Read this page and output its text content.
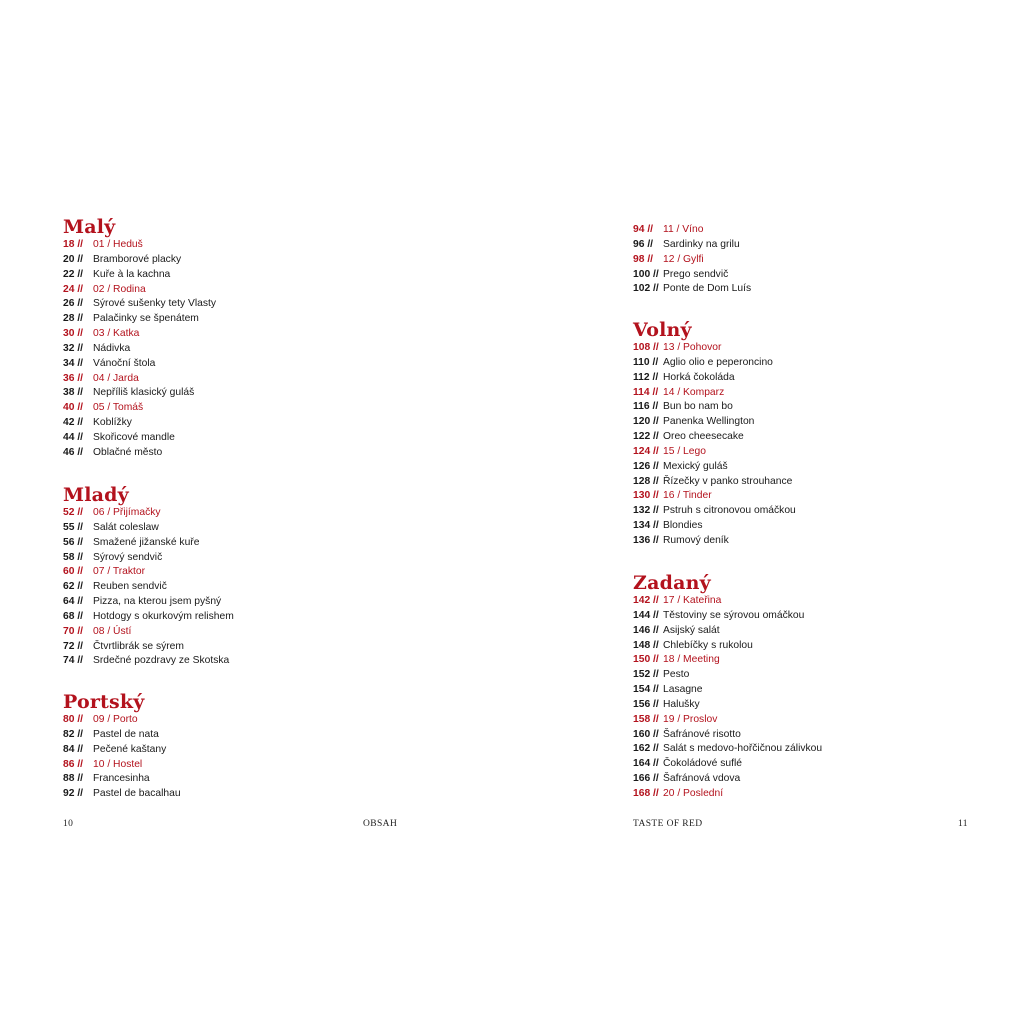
Malý
18 // 01 / Heduš
20 // Bramborové placky
22 // Kuře à la kachna
24 // 02 / Rodina
26 // Sýrové sušenky tety Vlasty
28 // Palačinky se špenátem
30 // 03 / Katka
32 // Nádivka
34 // Vánoční štola
36 // 04 / Jarda
38 // Nepříliš klasický guláš
40 // 05 / Tomáš
42 // Koblížky
44 // Skořicové mandle
46 // Oblačné město
Mladý
52 // 06 / Přijímačky
55 // Salát coleslaw
56 // Smažené jižanské kuře
58 // Sýrový sendvič
60 // 07 / Traktor
62 // Reuben sendvič
64 // Pizza, na kterou jsem pyšný
68 // Hotdogy s okurkovým relishem
70 // 08 / Ústí
72 // Čtvrtlibrák se sýrem
74 // Srdečné pozdravy ze Skotska
Portský
80 // 09 / Porto
82 // Pastel de nata
84 // Pečené kaštany
86 // 10 / Hostel
88 // Francesinha
92 // Pastel de bacalhau
10	OBSAH
94 // 11 / Víno
96 // Sardinky na grilu
98 // 12 / Gylfi
100 // Prego sendvič
102 // Ponte de Dom Luís
Volný
108 // 13 / Pohovor
110 // Aglio olio e peperoncino
112 // Horká čokoláda
114 // 14 / Komparz
116 // Bun bo nam bo
120 // Panenka Wellington
122 // Oreo cheesecake
124 // 15 / Lego
126 // Mexický guláš
128 // Řízečky v panko strouhance
130 // 16 / Tinder
132 // Pstruh s citronovou omáčkou
134 // Blondies
136 // Rumový deník
Zadaný
142 // 17 / Kateřina
144 // Těstoviny se sýrovou omáčkou
146 // Asijský salát
148 // Chlebíčky s rukolou
150 // 18 / Meeting
152 // Pesto
154 // Lasagne
156 // Halušky
158 // 19 / Proslov
160 // Šafránové risotto
162 // Salát s medovo-hořčičnou zálivkou
164 // Čokoládové suflé
166 // Šafránová vdova
168 // 20 / Poslední
TASTE OF RED	11
